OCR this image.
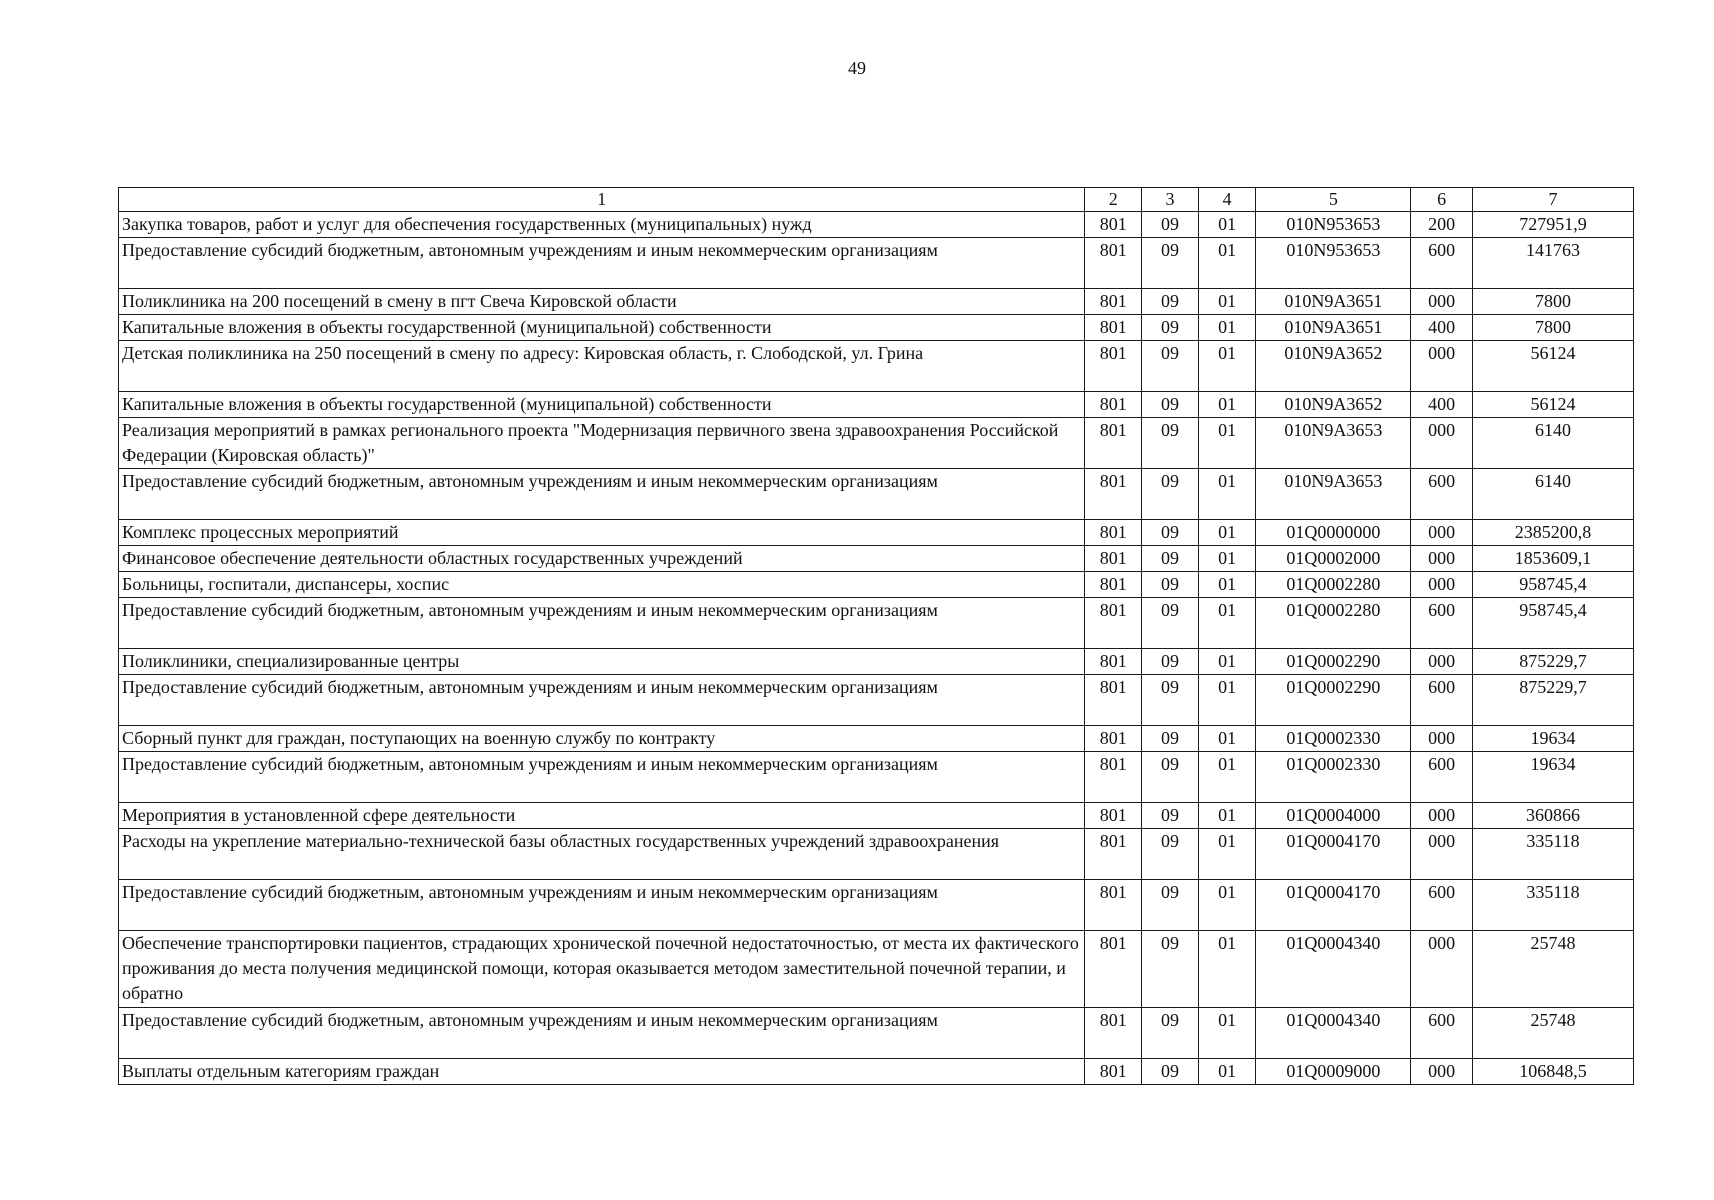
49
1	2	3	4	5	6	7
Закупка товаров, работ и услуг для обеспечения государственных (муниципальных) нужд	801	09	01	010N953653	200	727951,9
Предоставление субсидий бюджетным, автономным учреждениям и иным некоммерческим организациям	801	09	01	010N953653	600	141763
Поликлиника на 200 посещений в смену в пгт Свеча Кировской области	801	09	01	010N9A3651	000	7800
Капитальные вложения в объекты государственной (муниципальной) собственности	801	09	01	010N9A3651	400	7800
Детская поликлиника на 250 посещений в смену по адресу: Кировская область, г. Слободской, ул. Грина	801	09	01	010N9A3652	000	56124
Капитальные вложения в объекты государственной (муниципальной) собственности	801	09	01	010N9A3652	400	56124
Реализация мероприятий в рамках регионального проекта "Модернизация первичного звена здравоохранения Российской Федерации (Кировская область)"	801	09	01	010N9A3653	000	6140
Предоставление субсидий бюджетным, автономным учреждениям и иным некоммерческим организациям	801	09	01	010N9A3653	600	6140
Комплекс процессных мероприятий	801	09	01	01Q0000000	000	2385200,8
Финансовое обеспечение деятельности областных государственных учреждений	801	09	01	01Q0002000	000	1853609,1
Больницы, госпитали, диспансеры, хоспис	801	09	01	01Q0002280	000	958745,4
Предоставление субсидий бюджетным, автономным учреждениям и иным некоммерческим организациям	801	09	01	01Q0002280	600	958745,4
Поликлиники, специализированные центры	801	09	01	01Q0002290	000	875229,7
Предоставление субсидий бюджетным, автономным учреждениям и иным некоммерческим организациям	801	09	01	01Q0002290	600	875229,7
Сборный пункт для граждан, поступающих на военную службу по контракту	801	09	01	01Q0002330	000	19634
Предоставление субсидий бюджетным, автономным учреждениям и иным некоммерческим организациям	801	09	01	01Q0002330	600	19634
Мероприятия в установленной сфере деятельности	801	09	01	01Q0004000	000	360866
Расходы на укрепление материально-технической базы областных государственных учреждений здравоохранения	801	09	01	01Q0004170	000	335118
Предоставление субсидий бюджетным, автономным учреждениям и иным некоммерческим организациям	801	09	01	01Q0004170	600	335118
Обеспечение транспортировки пациентов, страдающих хронической почечной недостаточностью, от места их фактического проживания до места получения медицинской помощи, которая оказывается методом заместительной почечной терапии, и обратно	801	09	01	01Q0004340	000	25748
Предоставление субсидий бюджетным, автономным учреждениям и иным некоммерческим организациям	801	09	01	01Q0004340	600	25748
Выплаты отдельным категориям граждан	801	09	01	01Q0009000	000	106848,5
